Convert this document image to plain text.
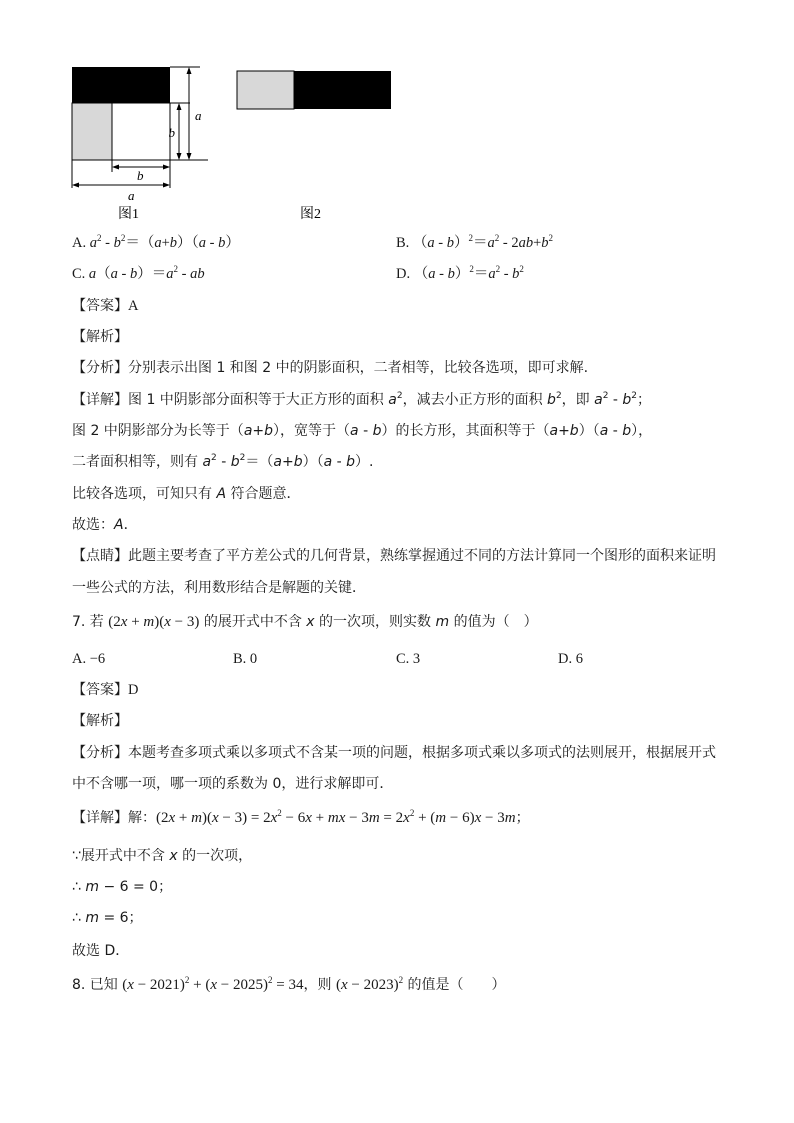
a
b
b
a
图1	图2
A. $a^2 - b^2=(a+b)(a - b)$	B. $(a - b)^2=a^2 - 2ab+b^2$
C. $a(a - b)=a^2$ - ab	D. $(a - b)^2=a^2 - b^2$
【答案】A
【解析】
【分析】分别表示出图 1 和图 2 中的阴影面积，二者相等，比较各选项，即可求解.
【详解】图 1 中阴影部分面积等于大正方形的面积 $a^2$，减去小正方形的面积 $b^2$，即 $a^2 - b^2$；
图 2 中阴影部分为长等于（a+b），宽等于（a - b）的长方形，其面积等于（a+b）（a - b），
二者面积相等，则有 $a^2 - b^2=(a+b)(a - b)$.
比较各选项，可知只有 A 符合题意．
故选：A．
【点睛】此题主要考查了平方差公式的几何背景，熟练掌握通过不同的方法计算同一个图形的面积来证明
一些公式的方法，利用数形结合是解题的关键．
7. 若 (2x + m)(x − 3) 的展开式中不含 x 的一次项，则实数 m 的值为（　）
A. −6	B. 0	C. 3	D. 6
【答案】D
【解析】
【分析】本题考查多项式乘以多项式不含某一项的问题，根据多项式乘以多项式的法则展开，根据展开式
中不含哪一项，哪一项的系数为 0，进行求解即可．
【详解】解：$(2x + m)(x - 3) = 2x^2 - 6x$ + mx − $3m = 2x^2 + (m - 6)x - 3m$；
∵展开式中不含 x 的一次项，
∴ m − 6 = 0；
∴ m = 6；
故选 D．
8. 已知 $(x - 2021)^2 + (x - 2025)^2 = 34$，则 $(x - 2023)^2$ 的值是（　　）
